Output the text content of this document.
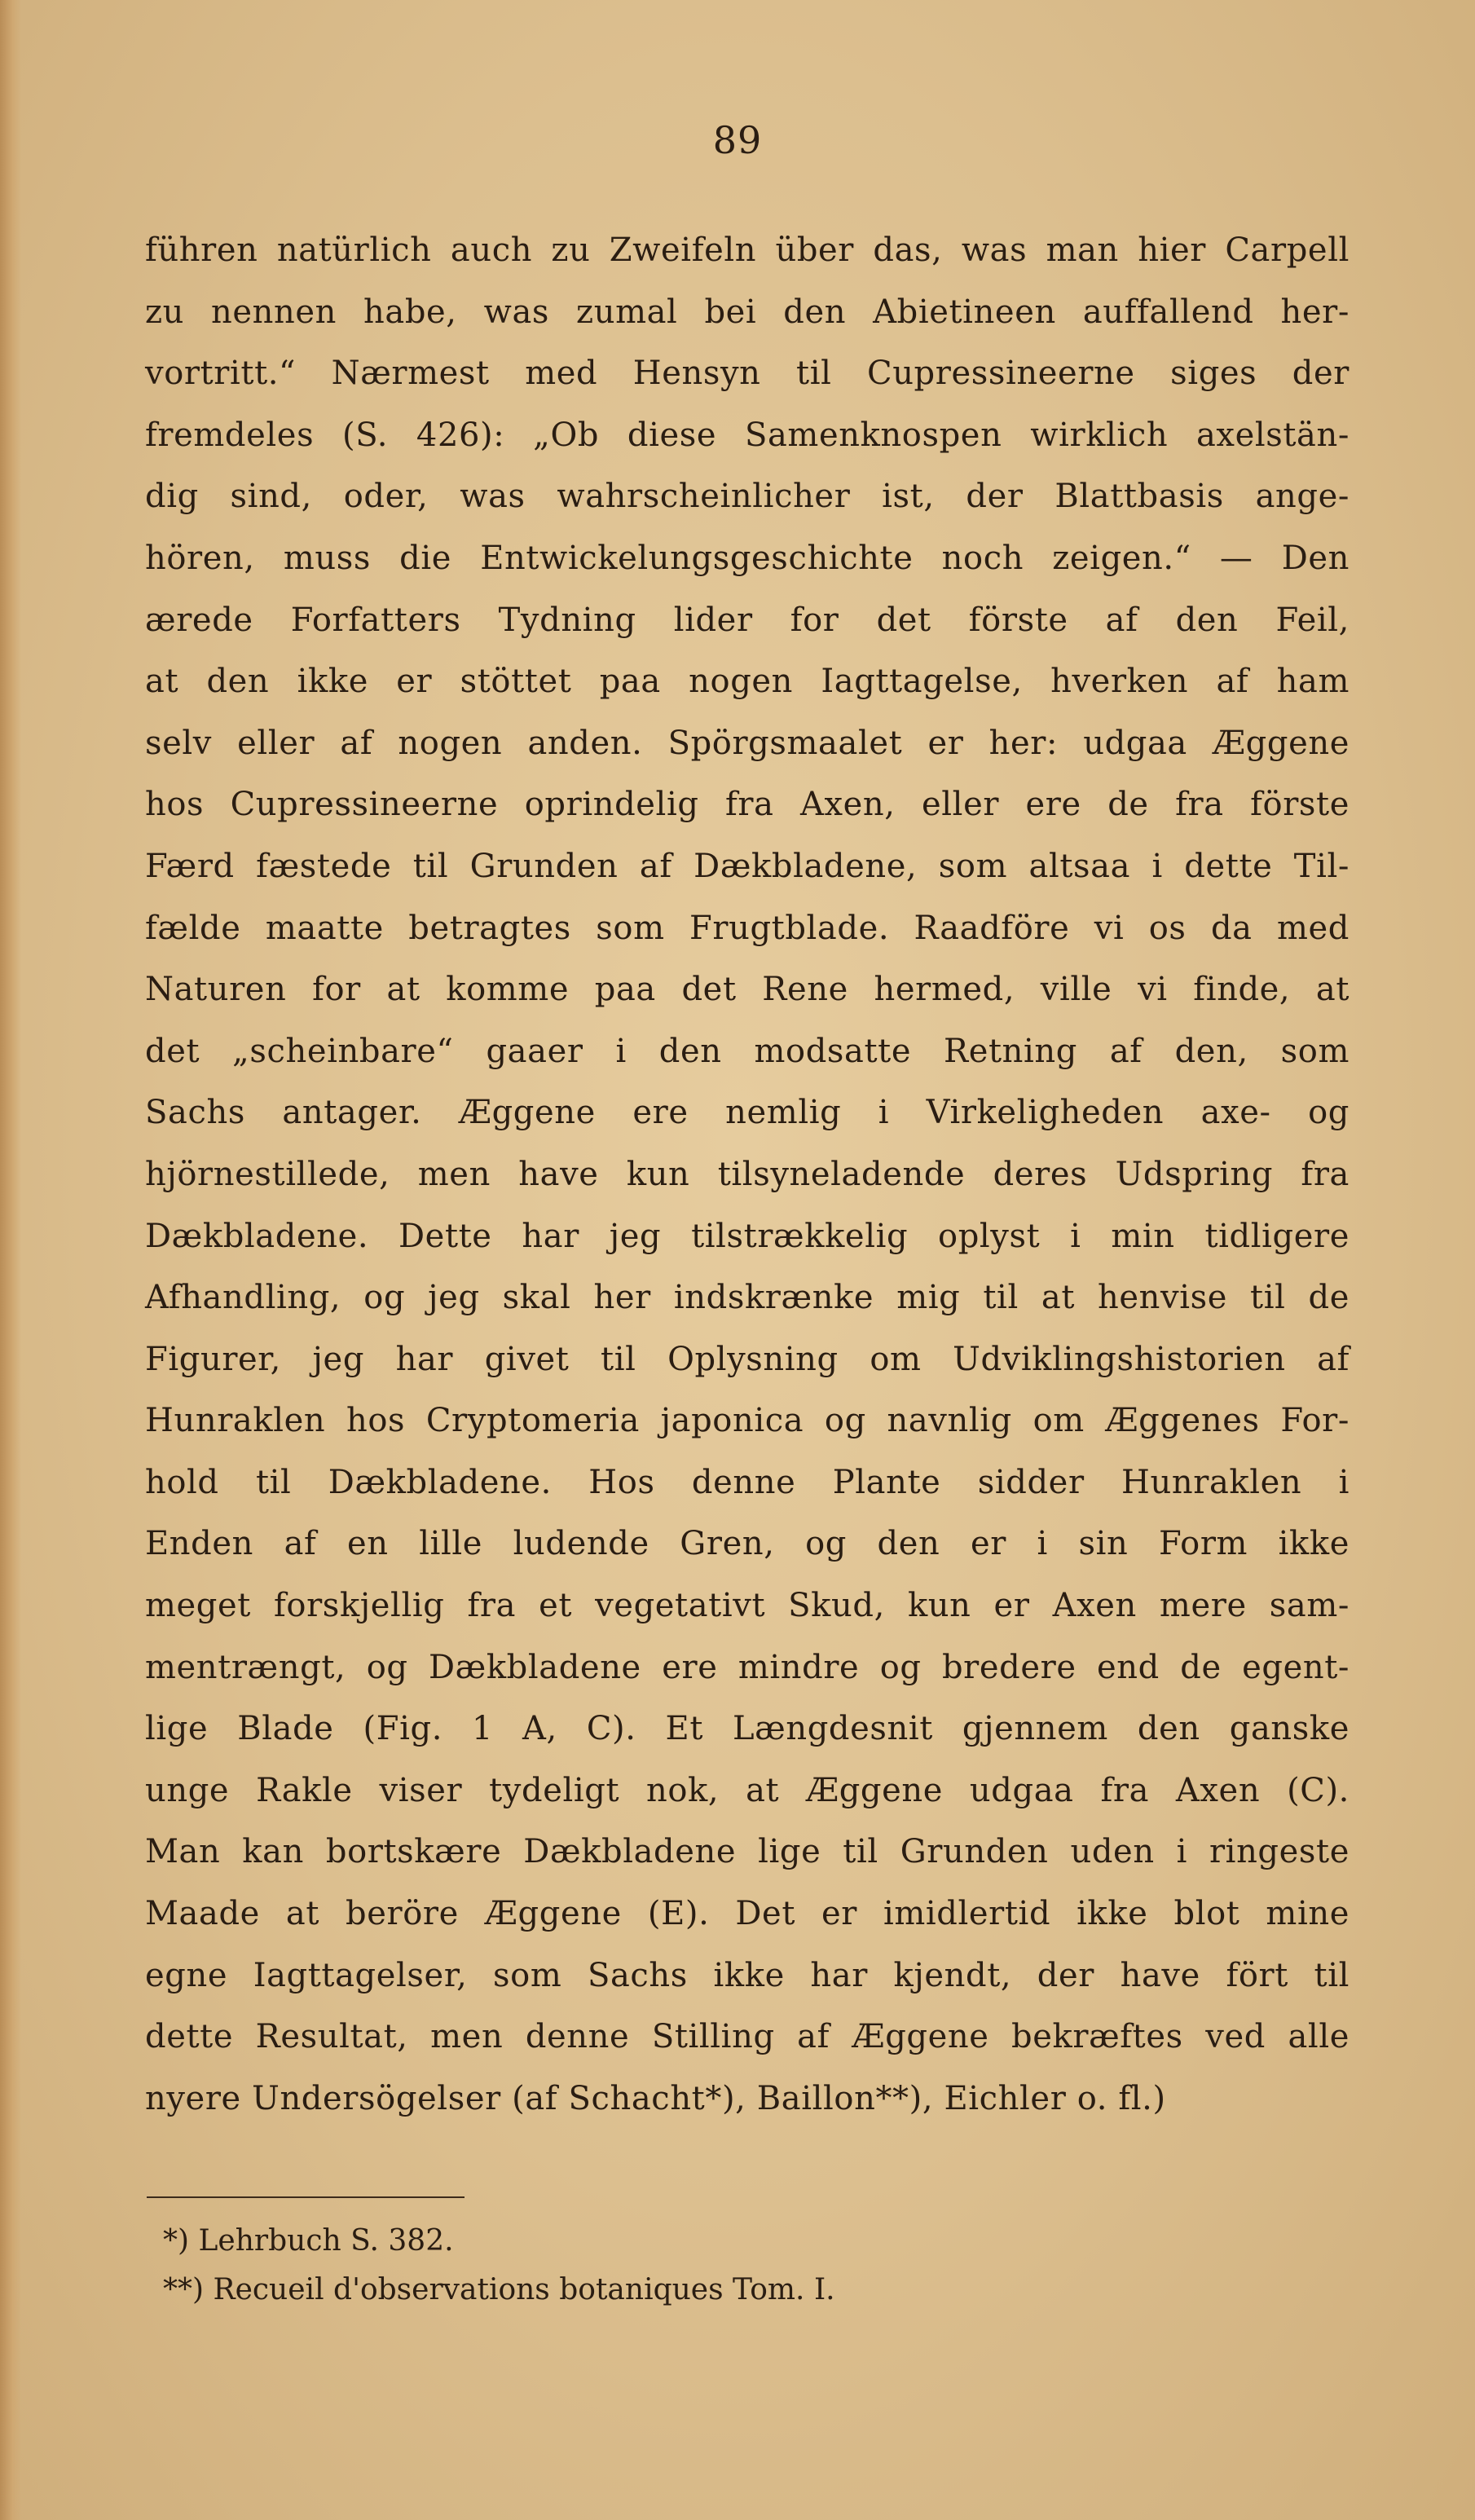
89
führen natürlich auch zu Zweifeln über das, was man hier Carpell
zu nennen habe, was zumal bei den Abietineen auffallend her-
vortritt.“ Nærmest med Hensyn til Cupressineerne siges der
fremdeles (S. 426): „Ob diese Samenknospen wirklich axelstän-
dig sind, oder, was wahrscheinlicher ist, der Blattbasis ange-
hören, muss die Entwickelungsgeschichte noch zeigen.“ — Den
ærede Forfatters Tydning lider for det förste af den Feil,
at den ikke er stöttet paa nogen Iagttagelse, hverken af ham
selv eller af nogen anden. Spörgsmaalet er her: udgaa Æggene
hos Cupressineerne oprindelig fra Axen, eller ere de fra förste
Færd fæstede til Grunden af Dækbladene, som altsaa i dette Til-
fælde maatte betragtes som Frugtblade. Raadföre vi os da med
Naturen for at komme paa det Rene hermed, ville vi finde, at
det „scheinbare“ gaaer i den modsatte Retning af den, som
Sachs antager. Æggene ere nemlig i Virkeligheden axe- og
hjörnestillede, men have kun tilsyneladende deres Udspring fra
Dækbladene. Dette har jeg tilstrækkelig oplyst i min tidligere
Afhandling, og jeg skal her indskrænke mig til at henvise til de
Figurer, jeg har givet til Oplysning om Udviklingshistorien af
Hunraklen hos Cryptomeria japonica og navnlig om Æggenes For-
hold til Dækbladene. Hos denne Plante sidder Hunraklen i
Enden af en lille ludende Gren, og den er i sin Form ikke
meget forskjellig fra et vegetativt Skud, kun er Axen mere sam-
mentrængt, og Dækbladene ere mindre og bredere end de egent-
lige Blade (Fig. 1 A, C). Et Længdesnit gjennem den ganske
unge Rakle viser tydeligt nok, at Æggene udgaa fra Axen (C).
Man kan bortskære Dækbladene lige til Grunden uden i ringeste
Maade at beröre Æggene (E). Det er imidlertid ikke blot mine
egne Iagttagelser, som Sachs ikke har kjendt, der have fört til
dette Resultat, men denne Stilling af Æggene bekræftes ved alle
nyere Undersögelser (af Schacht*), Baillon**), Eichler o. fl.)
*) Lehrbuch S. 382.
**) Recueil d'observations botaniques Tom. I.
